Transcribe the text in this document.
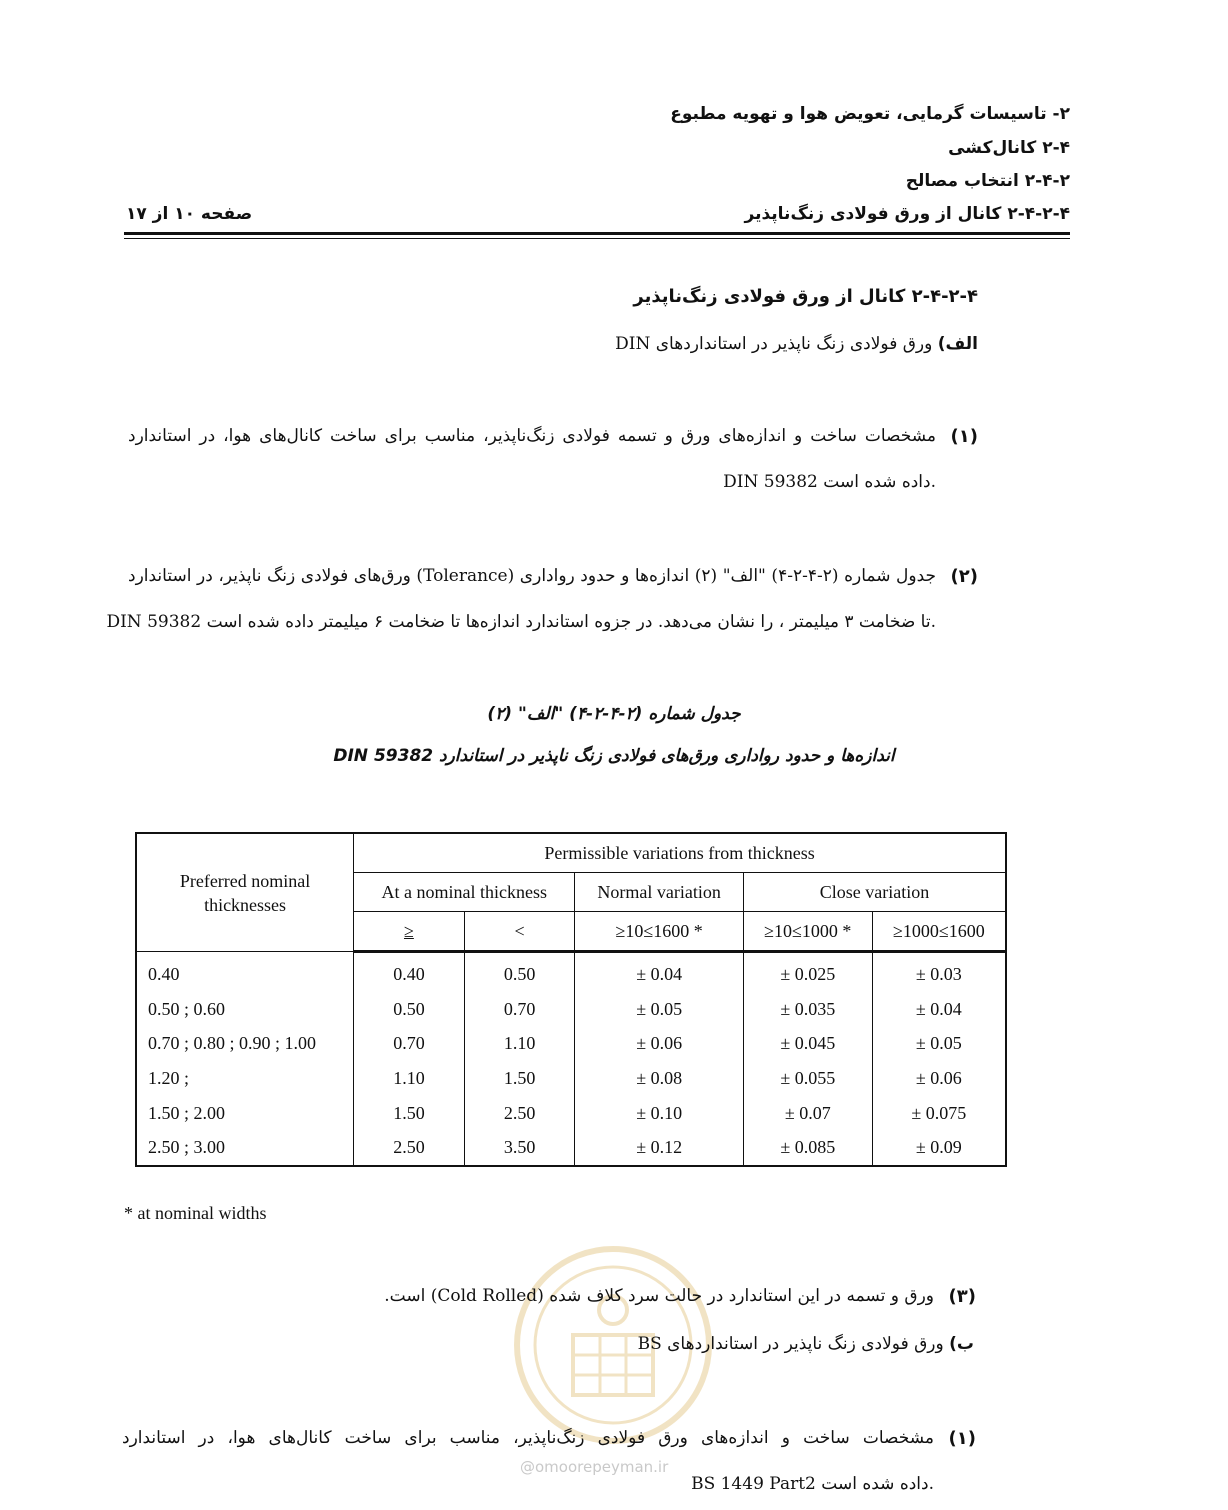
۲- تاسیسات گرمایی، تعویض هوا و تهویه مطبوع
۲-۴ کانال‌کشی
۲-۴-۲ انتخاب مصالح
۲-۴-۲-۴ کانال از ورق فولادی زنگ‌ناپذیر
صفحه ۱۰ از ۱۷
۲-۴-۲-۴ کانال از ورق فولادی زنگ‌ناپذیر
الف) ورق فولادی زنگ ناپذیر در استانداردهای DIN
(۱)
مشخصات ساخت و اندازه‌های ورق و تسمه فولادی زنگ‌ناپذیر، مناسب برای ساخت کانال‌های هوا، در استاندارد
DIN 59382 داده شده است.
(۲)
جدول شماره (۲-۴-۲-۴) "الف" (۲) اندازه‌ها و حدود رواداری (Tolerance) ورق‌های فولادی زنگ ناپذیر، در استاندارد
DIN 59382 تا ضخامت ۳ میلیمتر ، را نشان می‌دهد. در جزوه استاندارد اندازه‌ها تا ضخامت ۶ میلیمتر داده شده است.
جدول شماره (۲-۴-۲-۴) "الف" (۲)
اندازه‌ها و حدود رواداری ورق‌های فولادی زنگ ناپذیر در استاندارد DIN 59382
Preferred nominal thicknesses	Permissible variations from thickness				
	At a nominal thickness		Normal variation	Close variation	
	≥	<	≥10≤1600 *	≥10≤1000 *	≥1000≤1600
0.40	0.40	0.50	± 0.04	± 0.025	± 0.03
0.50 ; 0.60	0.50	0.70	± 0.05	± 0.035	± 0.04
0.70 ; 0.80 ; 0.90 ; 1.00	0.70	1.10	± 0.06	± 0.045	± 0.05
1.20 ;	1.10	1.50	± 0.08	± 0.055	± 0.06
1.50 ; 2.00	1.50	2.50	± 0.10	± 0.07	± 0.075
2.50 ; 3.00	2.50	3.50	± 0.12	± 0.085	± 0.09
* at nominal widths
@omoorepeyman.ir
(۳)
ورق و تسمه در این استاندارد در حالت سرد کلاف شده (Cold Rolled) است.
ب) ورق فولادی زنگ ناپذیر در استانداردهای BS
(۱)
مشخصات ساخت و اندازه‌های ورق فولادی زنگ‌ناپذیر، مناسب برای ساخت کانال‌های هوا، در استاندارد
BS 1449 Part2 داده شده است.
